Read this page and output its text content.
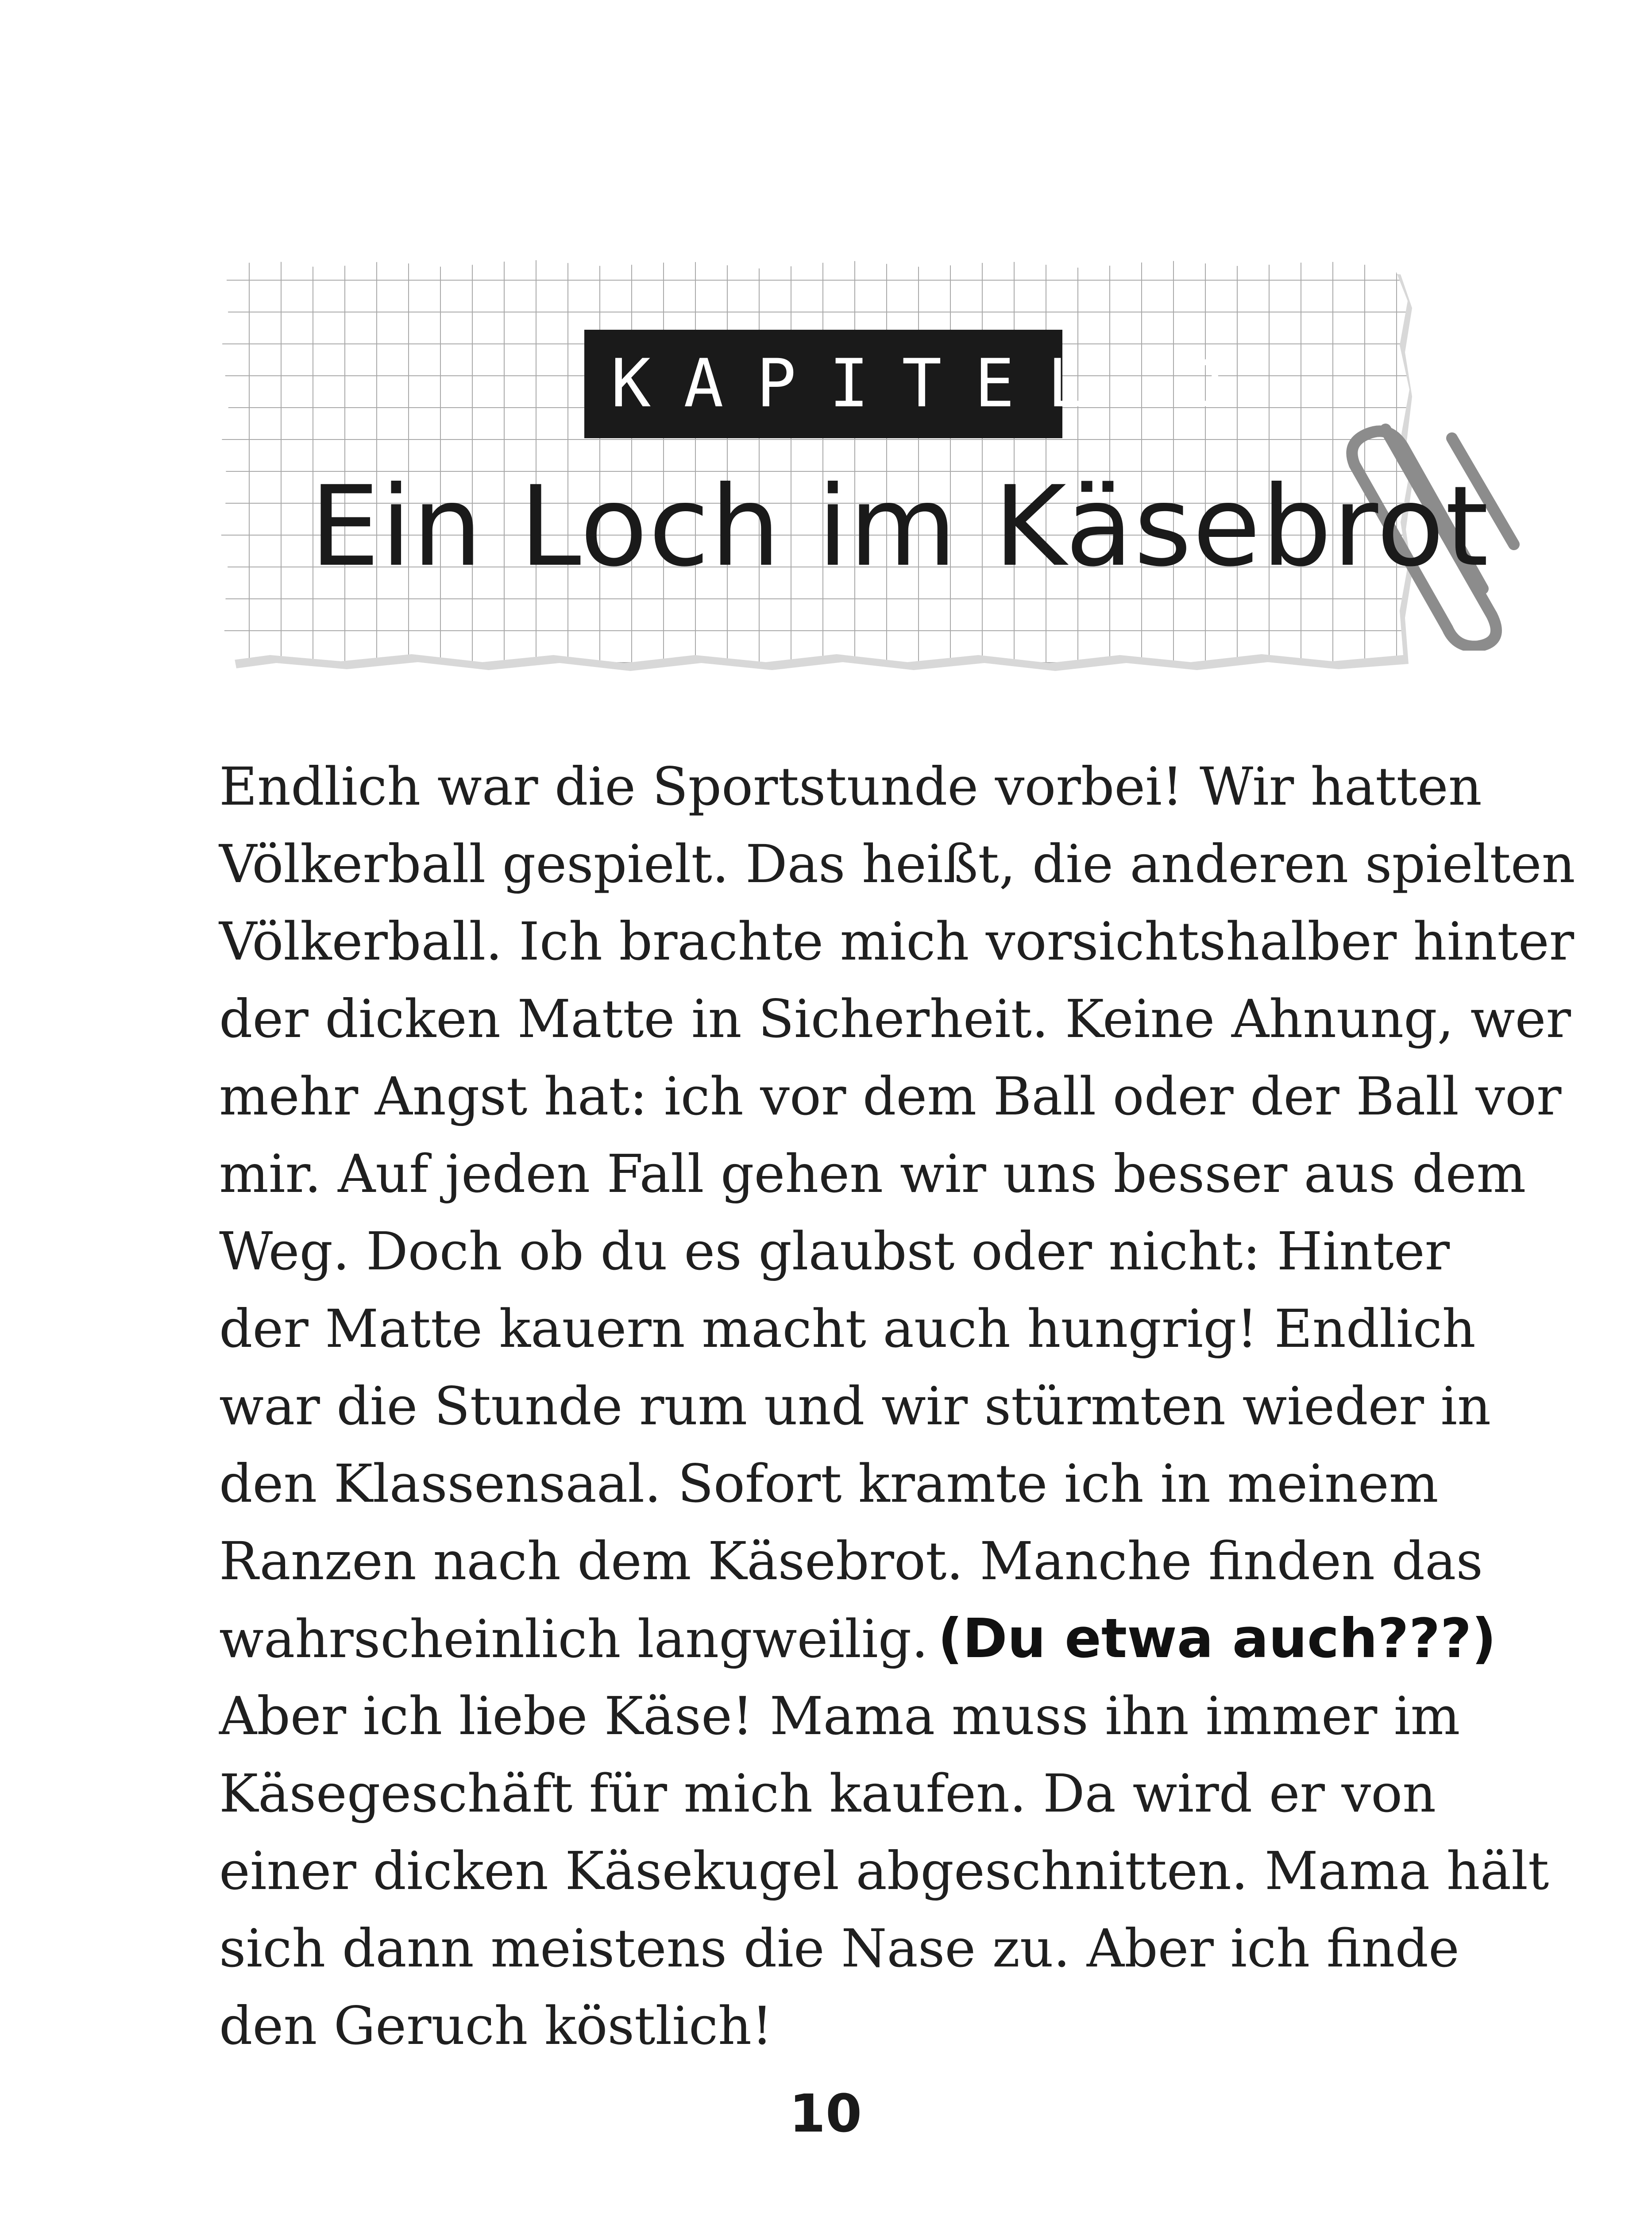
KAPITEL 1
Ein Loch im Käsebrot
Endlich war die Sportstunde vorbei! Wir hatten
Völkerball gespielt. Das heißt, die anderen spielten
Völkerball. Ich brachte mich vorsichtshalber hinter
der dicken Matte in Sicherheit. Keine Ahnung, wer
mehr Angst hat: ich vor dem Ball oder der Ball vor
mir. Auf jeden Fall gehen wir uns besser aus dem
Weg. Doch ob du es glaubst oder nicht: Hinter
der Matte kauern macht auch hungrig! Endlich
war die Stunde rum und wir stürmten wieder in
den Klassensaal. Sofort kramte ich in meinem
Ranzen nach dem Käsebrot. Manche finden das
wahrscheinlich langweilig. (Du etwa auch???)
Aber ich liebe Käse! Mama muss ihn immer im
Käsegeschäft für mich kaufen. Da wird er von
einer dicken Käsekugel abgeschnitten. Mama hält
sich dann meistens die Nase zu. Aber ich finde
den Geruch köstlich!
10
